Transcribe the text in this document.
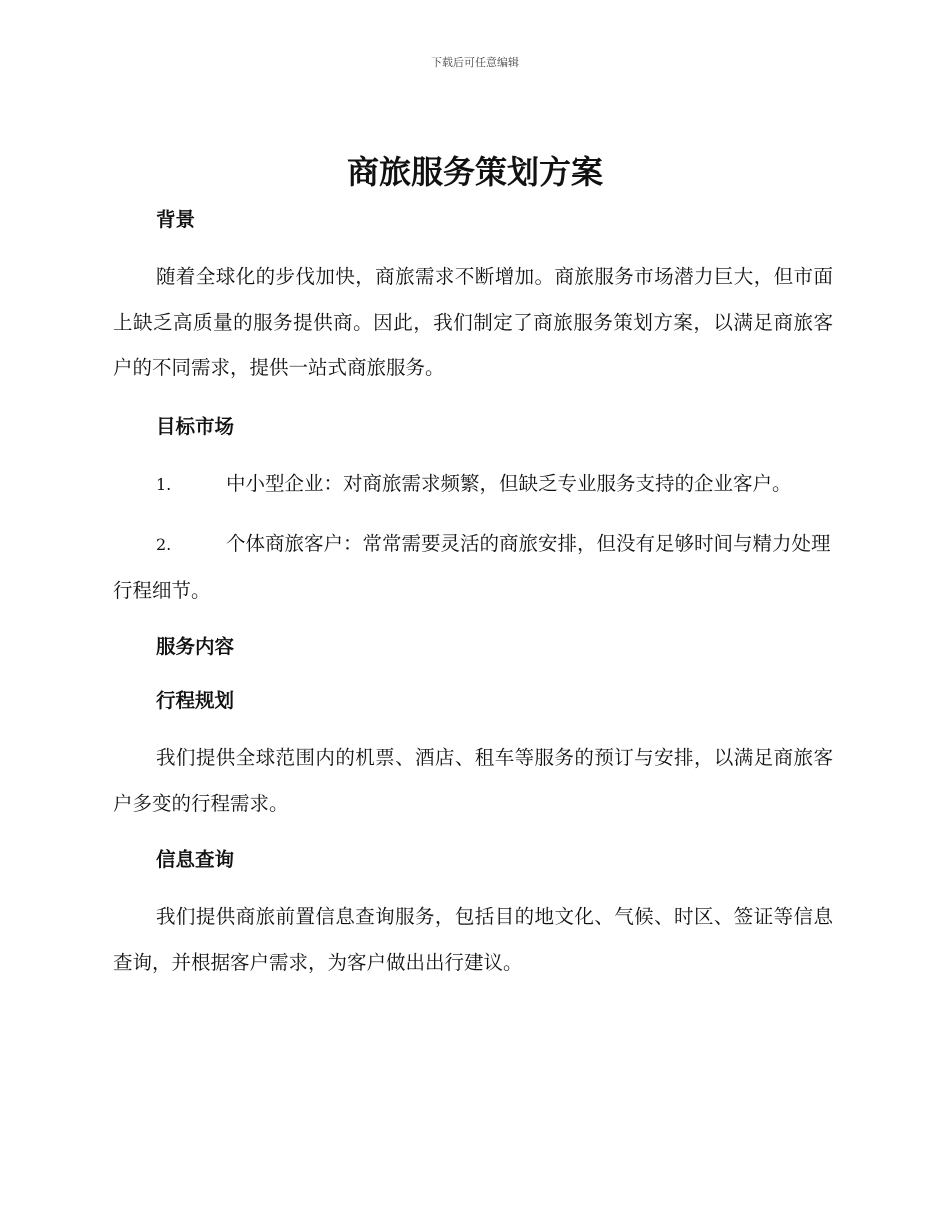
下载后可任意编辑
商旅服务策划方案
背景

随着全球化的步伐加快，商旅需求不断增加。商旅服务市场潜力巨大，但市面上缺乏高质量的服务提供商。因此，我们制定了商旅服务策划方案，以满足商旅客户的不同需求，提供一站式商旅服务。

目标市场

1.	中小型企业：对商旅需求频繁，但缺乏专业服务支持的企业客户。

2.	个体商旅客户：常常需要灵活的商旅安排，但没有足够时间与精力处理行程细节。

服务内容
行程规划

我们提供全球范围内的机票、酒店、租车等服务的预订与安排，以满足商旅客户多变的行程需求。

信息查询

我们提供商旅前置信息查询服务，包括目的地文化、气候、时区、签证等信息查询，并根据客户需求，为客户做出出行建议。
